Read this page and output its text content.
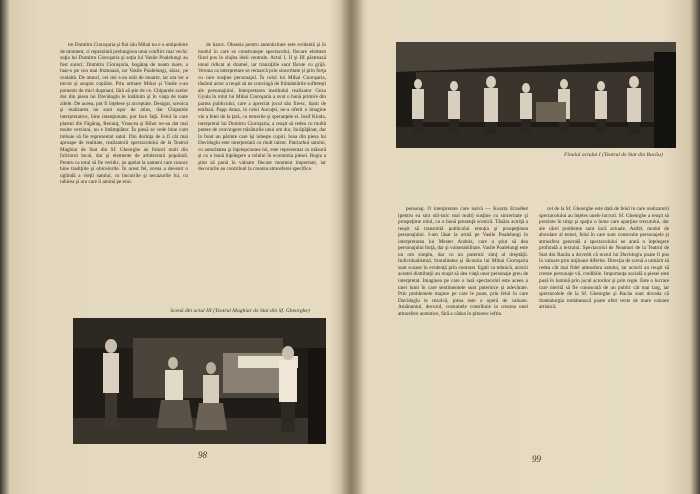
tre Dumitru Cioroşaria şi fiul său Mihai nu e o antipoleire de moment, ci reprezintă prelungirea unui conflict mai vechi: soţia lui Dumitru Cioroşaria şi soţia lui Vasile Poalelungi au fost surori; Dumitru Cioroşaria, bogătaş de neam mare, a luat-o pe cea mai frumoasă, iar Vasile Poalelungi, sărac, pe cealaltă. De atunci, cei doi s-au urât de moarte, iar ura lor a trecut şi asupra copiilor. Prin urmare Mihai şi Vasile s-au pomenit de mici duşmani, fără să ştie de ce. Chiparele acelor doi din piesa lui Davidoglu le întâlnim şi în viaţa de toate zilele. De aceea, pot fi înţelese şi acceptate. Desigur, scenica şi realizarea nu sunt uşor de atins, dar Chiparele interpretative, bine intenţionate, pot face faţă. Felul în care plastul din Făgăraş, Renunţ, Vrancea şi Bihor ne-au dat mai multe versiuni, nu e întâmplător. În piesă se vede bine cum trebuie să fie reprezentat satul. Din dorinţa de a fi cât mai aproape de realitate, realizatorii spectacolului de la Teatrul Maghiar de Stat din Sf. Gheorghe au folosit mult din folclorul local, dar şi elemente de arhitectură populară. Pentru ca totul să fie veridic, au apelat la oameni care cunosc bine tradiţiile şi obiceiurile. În acest fel, scena a devenit o oglindă a vieţii satului, cu bucuriile şi necazurile lui, cu iubirea şi ura care îi animă pe eroi.

de baroc. Obsesia pentru autenticitate este evidentă şi în modul în care se construieşte spectacolul, fiecare element fiind pus în slujba ideii centrale. Actul I, II şi III păstrează tonul ridicat al dramei, iar tranziţiile sunt făcute cu grijă. Verona ca interpretare se remarcă prin sinceritate şi prin forţa cu care susţine personajul. În rolul lui Mihai Cioroşaria, tânărul actor a reuşit să ne convingă de frământările sufleteşti ale personajului. Interpretarea ineditului realizator Geza Gyula în rolul lui Mihai Cioroşaria a avut o bună primire din partea publicului, care a apreciat jocul său firesc, lipsit de emfază. Papp Anna, în rolul Ancuţei, ne-a oferit o imagine vie a fetei de la ţară, cu temerile şi speranţele ei. Iosif Kinda, interpretul lui Dumitru Cioroşaria, a reuşit să redea cu multă putere de convingere trăsăturile unui om dur, încăpăţânat, dar în fond un părinte care îşi iubeşte copiii. Iona din piesa lui Davidoglu este interpretată cu mult talent. Patriarhul satului, cu autoritatea şi înţelepciunea lui, este reprezentat cu măsură şi cu o bună înţelegere a rolului în economia piesei. Regia a ştiut să pună în valoare fiecare moment important, iar decorurile au contribuit la crearea atmosferei specifice.

Scenă din actul III (Teatrul Maghiar de Stat din Sf. Gheorghe)
98
Finalul actului I (Teatrul de Stat din Bacău)

personaj. O interpretare care naivă — Koszta Erzsébet (pentru ea sint stil-istic mai mult) susţine cu sinceritate şi prospeţime rolul, cu o bună prezenţă scenică. Tânăra actriţă a reuşit să transmită publicului emoţia şi prospeţimea personajului. I-am lăsat la urmă pe Vasile Poalelungi în interpretarea lui Mester András, care a ştiut să dea personajului forţă, dar şi vulnerabilitate. Vasile Poalelungi este un om simplu, dar cu un puternic simţ al dreptăţii. Individualismul, brutalitatea şi lăcomia lui Mihai Cioroşaria sunt scoase în evidenţă prin contrast. Egali ca tehnică, actorii acestei distribuţii au reuşit să dea viaţă unor personaje greu de interpretat. Imaginea pe care o lasă spectacolul este aceea a unei lumi în care sentimentele sunt puternice şi adevărate. Prin problemele majore pe care le pune, prin felul în care Davidoglu le rezolvă, piesa este o operă de valoare. Amănuntul, decorul, costumele contribuie la crearea unei atmosfere autentice, fără a cădea în pitoresc ieftin.

cel de la Sf. Gheorghe este dată de felul în care realizatorii spectacolului au înţeles unele lucruri. Sf. Gheorghe a reuşit să prezinte în timp şi spaţiu o lume care aparţine trecutului, dar ale cărei probleme sunt încă actuale. Astfel, modul de abordare al temei, felul în care sunt construite personajele şi atmosfera generală a spectacolului ne arată o înţelegere profundă a textului. Spectacolul de Neamuri de la Teatrul de Stat din Bacău a dovedit că textul lui Davidoglu poate fi pus în valoare prin mijloace diferite. Direcţia de scenă a urmărit să redea cât mai fidel atmosfera satului, iar actorii au reuşit să creeze personaje vii, credibile. Importanţa socială a piesei este pusă în lumină prin jocul actorilor şi prin regie. Este o lucrare care merită să fie cunoscută de un public cât mai larg, iar spectacolele de la Sf. Gheorghe şi Bacău sunt dovada că dramaturgia românească poate oferi texte de mare valoare artistică.

99
